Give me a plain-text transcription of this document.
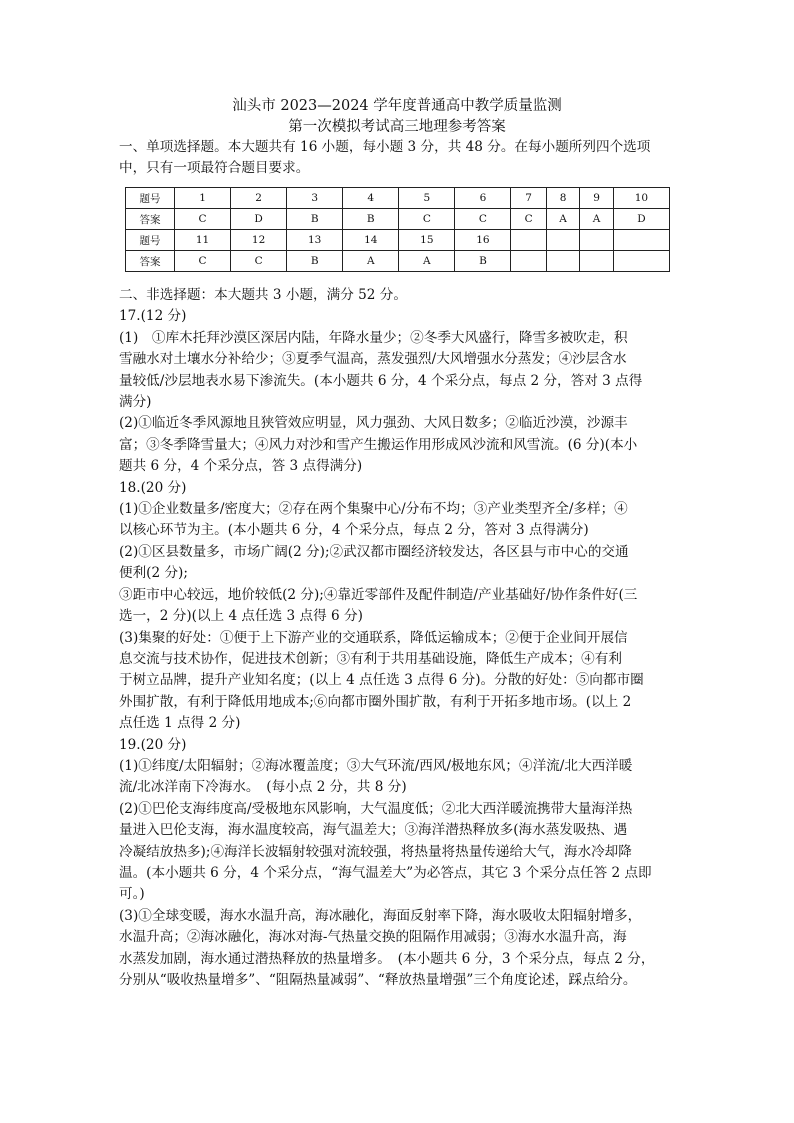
汕头市 2023—2024 学年度普通高中教学质量监测
第一次模拟考试高三地理参考答案
一、单项选择题。本大题共有 16 小题，每小题 3 分，共 48 分。在每小题所列四个选项
中，只有一项最符合题目要求。
题号	1	2	3	4	5	6	7	8	9	10
答案	C	D	B	B	C	C	C	A	A	D
题号	11	12	13	14	15	16				
答案	C	C	B	A	A	B				
二、非选择题：本大题共 3 小题，满分 52 分。
17.(12 分)
(1)　①库木托拜沙漠区深居内陆，年降水量少；②冬季大风盛行，降雪多被吹走，积
雪融水对土壤水分补给少；③夏季气温高，蒸发强烈/大风增强水分蒸发；④沙层含水
量较低/沙层地表水易下渗流失。(本小题共 6 分，4 个采分点，每点 2 分，答对 3 点得
满分)
(2)①临近冬季风源地且狭管效应明显，风力强劲、大风日数多；②临近沙漠，沙源丰
富；③冬季降雪量大；④风力对沙和雪产生搬运作用形成风沙流和风雪流。(6 分)(本小
题共 6 分，4 个采分点，答 3 点得满分)
18.(20 分)
(1)①企业数量多/密度大；②存在两个集聚中心/分布不均；③产业类型齐全/多样；④
以核心环节为主。(本小题共 6 分，4 个采分点，每点 2 分，答对 3 点得满分)
(2)①区县数量多，市场广阔(2 分);②武汉都市圈经济较发达，各区县与市中心的交通
便利(2 分);
③距市中心较远，地价较低(2 分);④靠近零部件及配件制造/产业基础好/协作条件好(三
选一，2 分)(以上 4 点任选 3 点得 6 分)
(3)集聚的好处：①便于上下游产业的交通联系，降低运输成本；②便于企业间开展信
息交流与技术协作，促进技术创新；③有利于共用基础设施，降低生产成本；④有利
于树立品牌，提升产业知名度；(以上 4 点任选 3 点得 6 分)。分散的好处：⑤向都市圈
外围扩散，有利于降低用地成本;⑥向都市圈外围扩散，有利于开拓多地市场。(以上 2
点任选 1 点得 2 分)
19.(20 分)
(1)①纬度/太阳辐射；②海冰覆盖度；③大气环流/西风/极地东风；④洋流/北大西洋暖
流/北冰洋南下冷海水。　(每小点 2 分，共 8 分)
(2)①巴伦支海纬度高/受极地东风影响，大气温度低；②北大西洋暖流携带大量海洋热
量进入巴伦支海，海水温度较高，海气温差大；③海洋潜热释放多(海水蒸发吸热、遇
冷凝结放热多);④海洋长波辐射较强对流较强，将热量将热量传递给大气，海水冷却降
温。(本小题共 6 分，4 个采分点，“海气温差大”为必答点，其它 3 个采分点任答 2 点即
可。)
(3)①全球变暖，海水水温升高，海冰融化，海面反射率下降，海水吸收太阳辐射增多，
水温升高；②海冰融化，海冰对海-气热量交换的阻隔作用减弱；③海水水温升高，海
水蒸发加剧，海水通过潜热释放的热量增多。　(本小题共 6 分，3 个采分点，每点 2 分，
分别从“吸收热量增多”、“阻隔热量减弱”、“释放热量增强”三个角度论述，踩点给分。
